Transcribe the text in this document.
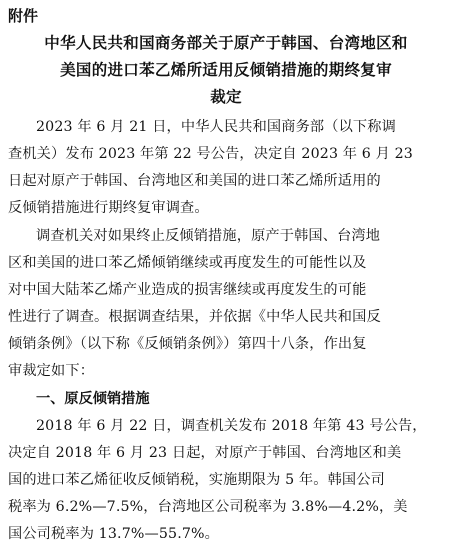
附件
中华人民共和国商务部关于原产于韩国、台湾地区和
美国的进口苯乙烯所适用反倾销措施的期终复审
裁定
2023 年 6 月 21 日，中华人民共和国商务部（以下称调
查机关）发布 2023 年第 22 号公告，决定自 2023 年 6 月 23
日起对原产于韩国、台湾地区和美国的进口苯乙烯所适用的
反倾销措施进行期终复审调查。
调查机关对如果终止反倾销措施，原产于韩国、台湾地
区和美国的进口苯乙烯倾销继续或再度发生的可能性以及
对中国大陆苯乙烯产业造成的损害继续或再度发生的可能
性进行了调查。根据调查结果，并依据《中华人民共和国反
倾销条例》（以下称《反倾销条例》）第四十八条，作出复
审裁定如下：
一、原反倾销措施
2018 年 6 月 22 日，调查机关发布 2018 年第 43 号公告，
决定自 2018 年 6 月 23 日起，对原产于韩国、台湾地区和美
国的进口苯乙烯征收反倾销税，实施期限为 5 年。韩国公司
税率为 6.2%—7.5%，台湾地区公司税率为 3.8%—4.2%，美
国公司税率为 13.7%—55.7%。
